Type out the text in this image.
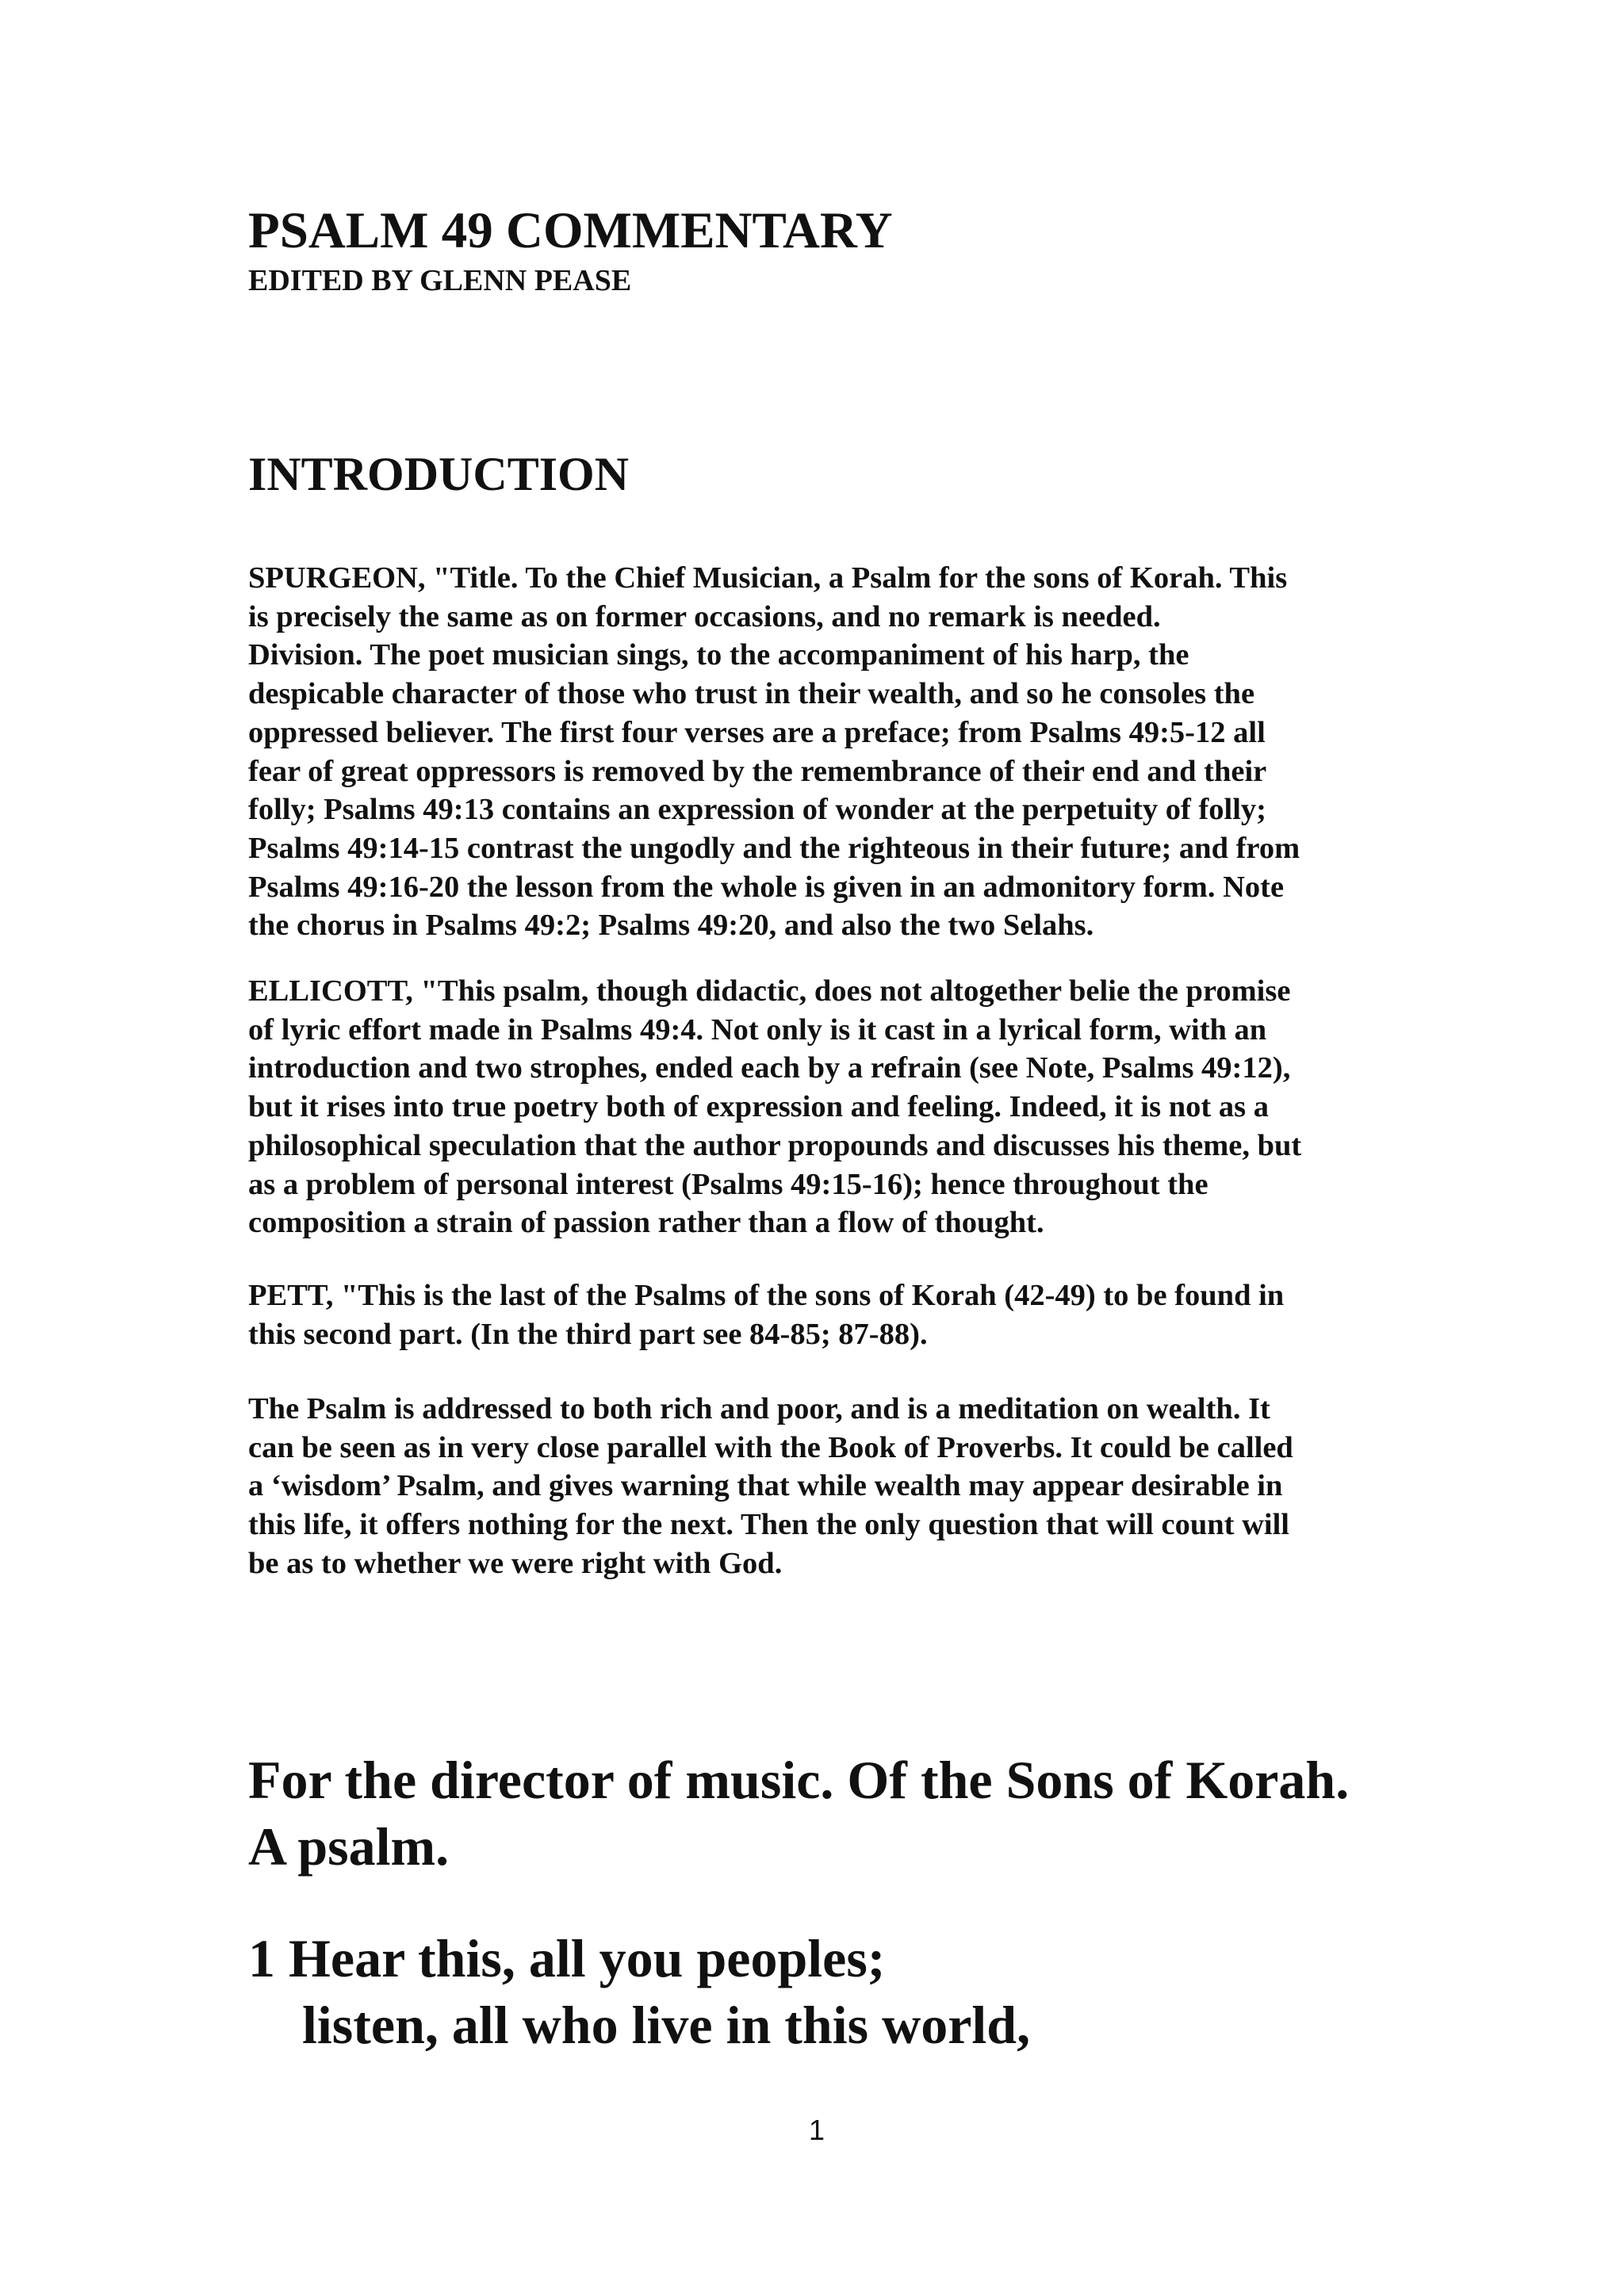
PSALM 49 COMMENTARY
EDITED BY GLENN PEASE
INTRODUCTION

SPURGEON, "Title. To the Chief Musician, a Psalm for the sons of Korah. This
is precisely the same as on former occasions, and no remark is needed.
Division. The poet musician sings, to the accompaniment of his harp, the
despicable character of those who trust in their wealth, and so he consoles the
oppressed believer. The first four verses are a preface; from Psalms 49:5-12 all
fear of great oppressors is removed by the remembrance of their end and their
folly; Psalms 49:13 contains an expression of wonder at the perpetuity of folly;
Psalms 49:14-15 contrast the ungodly and the righteous in their future; and from
Psalms 49:16-20 the lesson from the whole is given in an admonitory form. Note
the chorus in Psalms 49:2; Psalms 49:20, and also the two Selahs.

ELLICOTT, "This psalm, though didactic, does not altogether belie the promise
of lyric effort made in Psalms 49:4. Not only is it cast in a lyrical form, with an
introduction and two strophes, ended each by a refrain (see Note, Psalms 49:12),
but it rises into true poetry both of expression and feeling. Indeed, it is not as a
philosophical speculation that the author propounds and discusses his theme, but
as a problem of personal interest (Psalms 49:15-16); hence throughout the
composition a strain of passion rather than a flow of thought.

PETT, "This is the last of the Psalms of the sons of Korah (42-49) to be found in
this second part. (In the third part see 84-85; 87-88).

The Psalm is addressed to both rich and poor, and is a meditation on wealth. It
can be seen as in very close parallel with the Book of Proverbs. It could be called
a ‘wisdom’ Psalm, and gives warning that while wealth may appear desirable in
this life, it offers nothing for the next. Then the only question that will count will
be as to whether we were right with God.

For the director of music. Of the Sons of Korah.
A psalm.
1 Hear this, all you peoples;
listen, all who live in this world,
1
